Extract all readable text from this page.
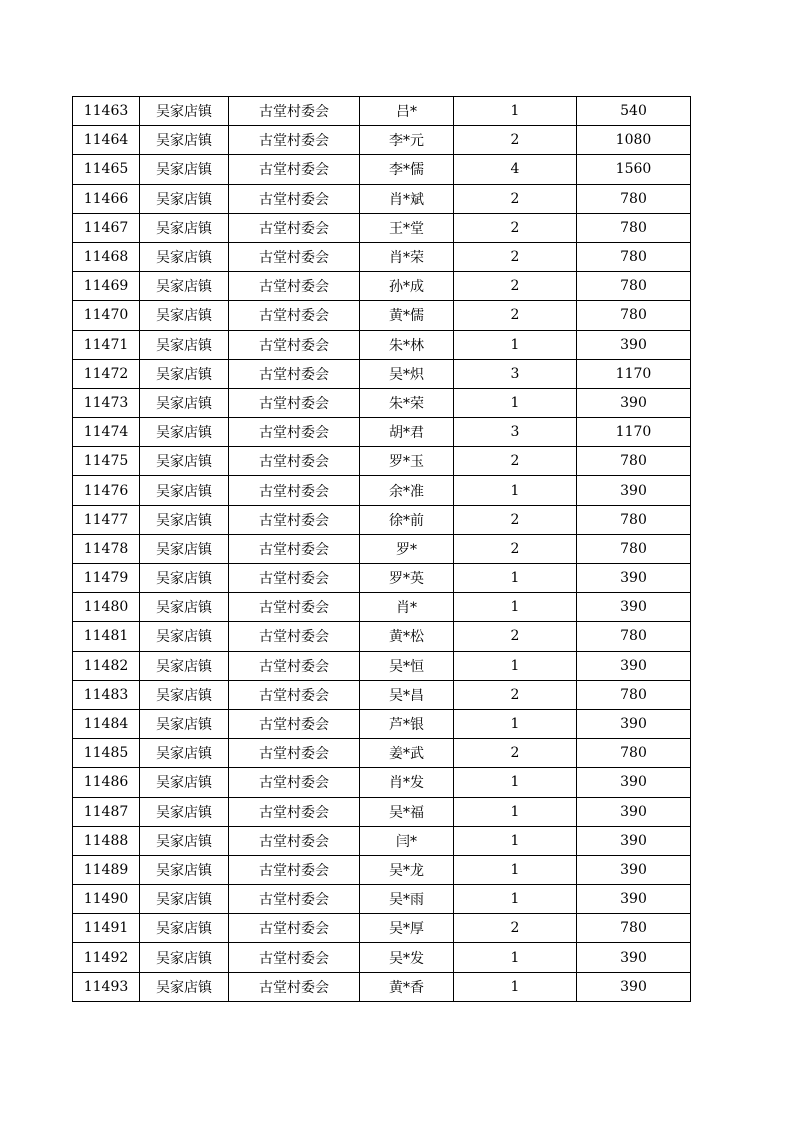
11463	吴家店镇	古堂村委会	吕*	1	540
11464	吴家店镇	古堂村委会	李*元	2	1080
11465	吴家店镇	古堂村委会	李*儒	4	1560
11466	吴家店镇	古堂村委会	肖*斌	2	780
11467	吴家店镇	古堂村委会	王*堂	2	780
11468	吴家店镇	古堂村委会	肖*荣	2	780
11469	吴家店镇	古堂村委会	孙*成	2	780
11470	吴家店镇	古堂村委会	黄*儒	2	780
11471	吴家店镇	古堂村委会	朱*林	1	390
11472	吴家店镇	古堂村委会	吴*炽	3	1170
11473	吴家店镇	古堂村委会	朱*荣	1	390
11474	吴家店镇	古堂村委会	胡*君	3	1170
11475	吴家店镇	古堂村委会	罗*玉	2	780
11476	吴家店镇	古堂村委会	余*准	1	390
11477	吴家店镇	古堂村委会	徐*前	2	780
11478	吴家店镇	古堂村委会	罗*	2	780
11479	吴家店镇	古堂村委会	罗*英	1	390
11480	吴家店镇	古堂村委会	肖*	1	390
11481	吴家店镇	古堂村委会	黄*松	2	780
11482	吴家店镇	古堂村委会	吴*恒	1	390
11483	吴家店镇	古堂村委会	吴*昌	2	780
11484	吴家店镇	古堂村委会	芦*银	1	390
11485	吴家店镇	古堂村委会	姜*武	2	780
11486	吴家店镇	古堂村委会	肖*发	1	390
11487	吴家店镇	古堂村委会	吴*福	1	390
11488	吴家店镇	古堂村委会	闫*	1	390
11489	吴家店镇	古堂村委会	吴*龙	1	390
11490	吴家店镇	古堂村委会	吴*雨	1	390
11491	吴家店镇	古堂村委会	吴*厚	2	780
11492	吴家店镇	古堂村委会	吴*发	1	390
11493	吴家店镇	古堂村委会	黄*香	1	390
